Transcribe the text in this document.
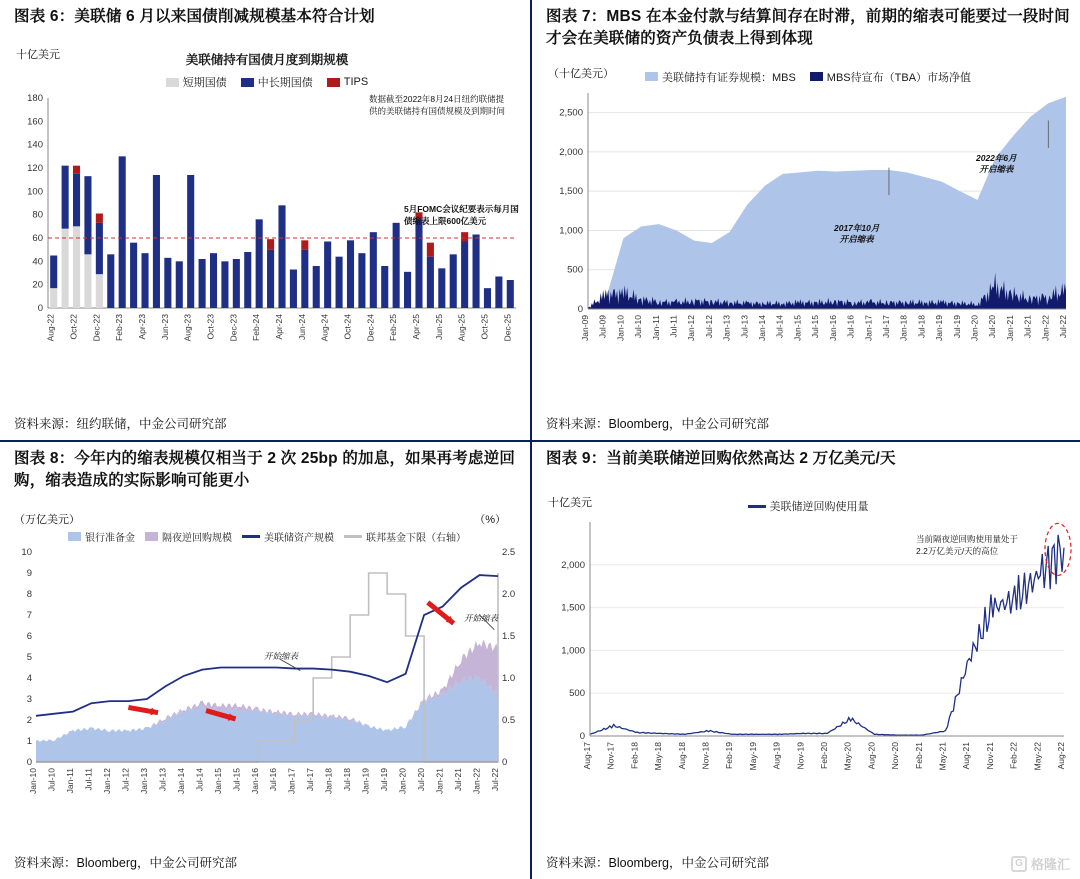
图表 6：美联储 6 月以来国债削减规模基本符合计划
十亿美元	美联储持有国债月度到期规模
短期国债	中长期国债	TIPS
0
20
40
60
80
100
120
140
160
180
Aug-22 Oct-22 Dec-22 Feb-23 Apr-23 Jun-23 Aug-23 Oct-23 Dec-23 Feb-24 Apr-24 Jun-24 Aug-24 Oct-24 Dec-24 Feb-25 Apr-25 Jun-25 Aug-25 Oct-25 Dec-25
数据截至2022年8月24日纽约联储提供的美联储持有国债规模及到期时间
5月FOMC会议纪要表示每月国债缩表上限600亿美元
资料来源：纽约联储，中金公司研究部
图表 7：MBS 在本金付款与结算间存在时滞，前期的缩表可能要过一段时间才会在美联储的资产负债表上得到体现
（十亿美元）	美联储持有证券规模：MBS	MBS待宣布（TBA）市场净值
0
500
1,000
1,500
2,000
2,500
Jan-09 Jul-09 Jan-10 Jul-10 Jan-11 Jul-11 Jan-12 Jul-12 Jan-13 Jul-13 Jan-14 Jul-14 Jan-15 Jul-15 Jan-16 Jul-16 Jan-17 Jul-17 Jan-18 Jul-18 Jan-19 Jul-19 Jan-20 Jul-20 Jan-21 Jul-21 Jan-22 Jul-22
2017年10月
开启缩表
2022年6月
开启缩表
资料来源：Bloomberg，中金公司研究部
图表 8：今年内的缩表规模仅相当于 2 次 25bp 的加息，如果再考虑逆回购，缩表造成的实际影响可能更小
（万亿美元）	（%）
银行准备金	隔夜逆回购规模	美联储资产规模	联邦基金下限（右轴）
0
1
2
3
4
5
6
7
8
9
10
0
0.5
1.0
1.5
2.0
2.5
Jan-10 Jul-10 Jan-11 Jul-11 Jan-12 Jul-12 Jan-13 Jul-13 Jan-14 Jul-14 Jan-15 Jul-15 Jan-16 Jul-16 Jan-17 Jul-17 Jan-18 Jul-18 Jan-19 Jul-19 Jan-20 Jul-20 Jan-21 Jul-21 Jan-22 Jul-22
开始缩表
开始缩表
资料来源：Bloomberg，中金公司研究部
图表 9：当前美联储逆回购依然高达 2 万亿美元/天
十亿美元	美联储逆回购使用量
0
500
1,000
1,500
2,000
Aug-17 Nov-17 Feb-18 May-18 Aug-18 Nov-18 Feb-19 May-19 Aug-19 Nov-19 Feb-20 May-20 Aug-20 Nov-20 Feb-21 May-21 Aug-21 Nov-21 Feb-22 May-22 Aug-22
当前隔夜逆回购使用量处于
2.2万亿美元/天的高位
资料来源：Bloomberg，中金公司研究部	G 格隆汇
